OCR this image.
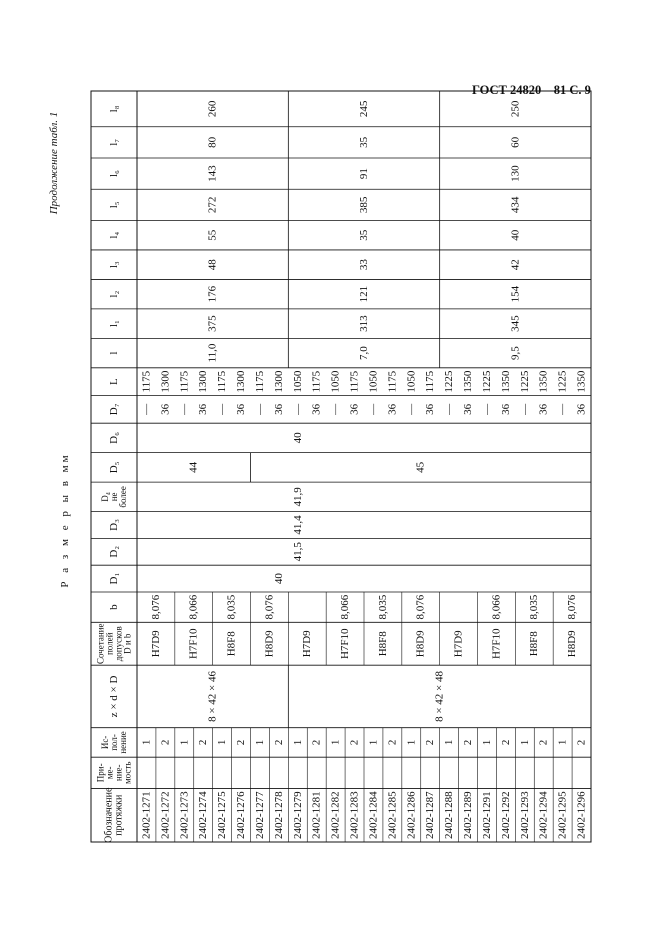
ГОСТ 24820—81 С. 9
Продолжение табл. 1
Р а з м е р ы в мм
l₈
l₇
l₆
l₅
l₄
l₃
l₂
l₁
l
L
D₇
D₆
D₅
D₄ не более
D₃
D₂
D₁
b
Сочетание полей допусков D и b
z × d × D
Ис- пол- нение
При- ме- ние- мость
Обозначение протяжки
—
1175
1
2402-1271
36
1300
2
2402-1272
—
1175
1
2402-1273
36
1300
2
2402-1274
—
1175
1
2402-1275
36
1300
2
2402-1276
—
1175
1
2402-1277
36
1300
2
2402-1278
—
1050
1
2402-1279
36
1175
2
2402-1281
—
1050
1
2402-1282
36
1175
2
2402-1283
—
1050
1
2402-1284
36
1175
2
2402-1285
—
1050
1
2402-1286
36
1175
2
2402-1287
—
1225
1
2402-1288
36
1350
2
2402-1289
—
1225
1
2402-1291
36
1350
2
2402-1292
—
1225
1
2402-1293
36
1350
2
2402-1294
—
1225
1
2402-1295
36
1350
2
2402-1296
260
80
143
272
55
48
176
375
11,0
245
35
91
385
35
33
121
313
7,0
250
60
130
434
40
42
154
345
9,5
44	45
8 × 42 × 46	8 × 42 × 48
H7D9
8,076
H7F10
8,066
H8F8
8,035
H8D9
8,076
H7D9 H7F10
8,066
H8F8
8,035
H8D9
8,076
H7D9 H7F10
8,066
H8F8
8,035
H8D9
8,076
40
41,5
41,4
41,9
40
